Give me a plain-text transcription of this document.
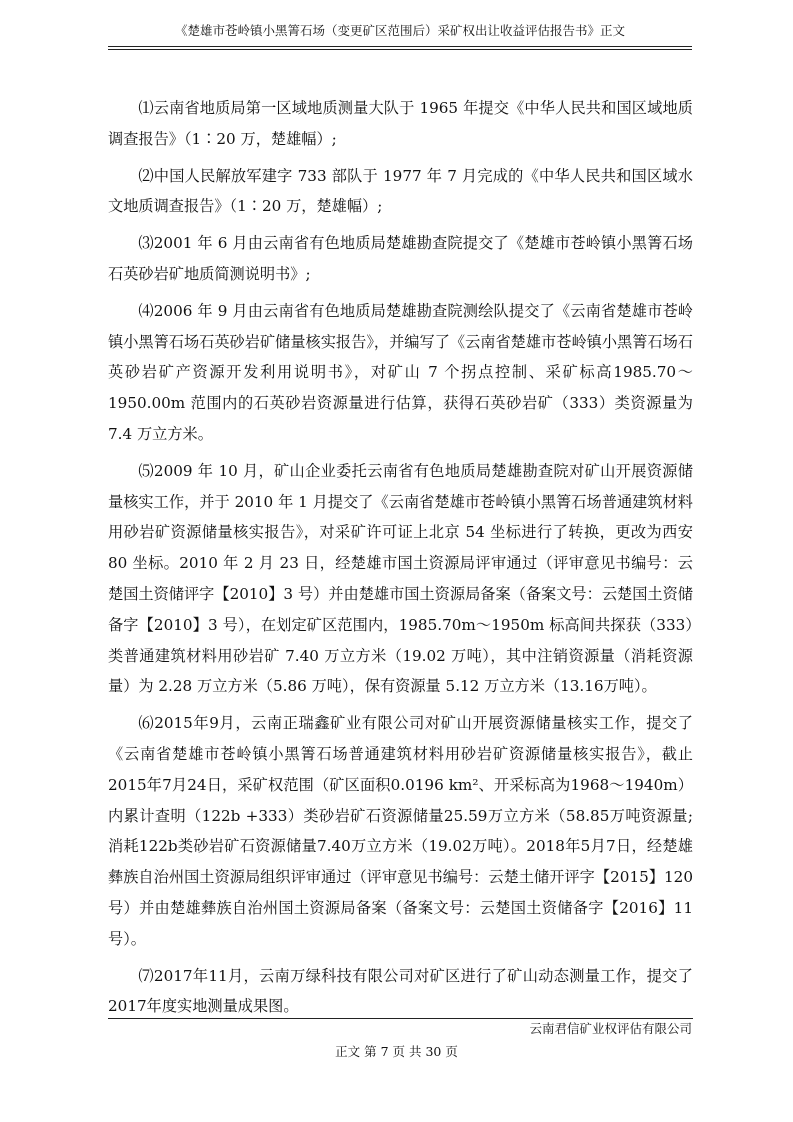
《楚雄市苍岭镇小黑箐石场（变更矿区范围后）采矿权出让收益评估报告书》正文

⑴云南省地质局第一区域地质测量大队于 1965 年提交《中华人民共和国区域地质调查报告》（1∶20 万，楚雄幅）;

⑵中国人民解放军建字 733 部队于 1977 年 7 月完成的《中华人民共和国区域水文地质调查报告》（1∶20 万，楚雄幅）;

⑶2001 年 6 月由云南省有色地质局楚雄勘查院提交了《楚雄市苍岭镇小黑箐石场石英砂岩矿地质简测说明书》;

⑷2006 年 9 月由云南省有色地质局楚雄勘查院测绘队提交了《云南省楚雄市苍岭镇小黑箐石场石英砂岩矿储量核实报告》，并编写了《云南省楚雄市苍岭镇小黑箐石场石英砂岩矿产资源开发利用说明书》，对矿山 7 个拐点控制、采矿标高1985.70～1950.00m 范围内的石英砂岩资源量进行估算，获得石英砂岩矿（333）类资源量为 7.4 万立方米。

⑸2009 年 10 月，矿山企业委托云南省有色地质局楚雄勘查院对矿山开展资源储量核实工作，并于 2010 年 1 月提交了《云南省楚雄市苍岭镇小黑箐石场普通建筑材料用砂岩矿资源储量核实报告》，对采矿许可证上北京 54 坐标进行了转换，更改为西安 80 坐标。2010 年 2 月 23 日，经楚雄市国土资源局评审通过（评审意见书编号：云楚国土资储评字【2010】3 号）并由楚雄市国土资源局备案（备案文号：云楚国土资储备字【2010】3 号），在划定矿区范围内，1985.70m～1950m 标高间共探获（333）类普通建筑材料用砂岩矿 7.40 万立方米（19.02 万吨），其中注销资源量（消耗资源量）为 2.28 万立方米（5.86 万吨），保有资源量 5.12 万立方米（13.16万吨）。

⑹2015年9月，云南正瑞鑫矿业有限公司对矿山开展资源储量核实工作，提交了《云南省楚雄市苍岭镇小黑箐石场普通建筑材料用砂岩矿资源储量核实报告》，截止2015年7月24日，采矿权范围（矿区面积0.0196 km²、开采标高为1968～1940m）内累计查明（122b +333）类砂岩矿石资源储量25.59万立方米（58.85万吨资源量;消耗122b类砂岩矿石资源储量7.40万立方米（19.02万吨）。2018年5月7日，经楚雄彝族自治州国土资源局组织评审通过（评审意见书编号：云楚土储开评字【2015】120号）并由楚雄彝族自治州国土资源局备案（备案文号：云楚国土资储备字【2016】11号）。

⑺2017年11月，云南万绿科技有限公司对矿区进行了矿山动态测量工作，提交了2017年度实地测量成果图。

云南君信矿业权评估有限公司
正文 第 7 页 共 30 页
